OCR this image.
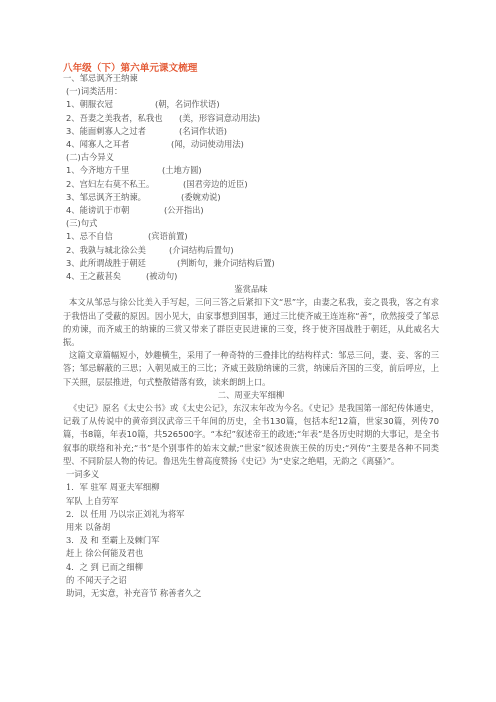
八年级（下）第六单元课文梳理
一、邹忌讽齐王纳谏
(一)词类活用：
1、朝服衣冠	(朝，名词作状语)
2、吾妻之美我者，私我也	(美，形容词意动用法)
3、能面刺寡人之过者	(名词作状语)
4、闻寡人之耳者	(闻，动词使动用法)
(二)古今异义
1、今齐地方千里	(土地方圆)
2、宫妇左右莫不私王。	(国君旁边的近臣)
3、邹忌讽齐王纳谏。	(委婉劝说)
4、能谤讥于市朝	(公开指出)
(三)句式
1、忌不自信	(宾语前置)
2、我孰与城北徐公美	(介词结构后置句)
3、此所谓战胜于朝廷	(判断句，兼介词结构后置)
4、王之蔽甚矣	(被动句)
鉴赏品味
本文从邹忌与徐公比美入手写起，三问三答之后紧扣下文“思”字，由妻之私我，妾之畏我，客之有求于我悟出了受蔽的原因。因小见大，由家事想到国事，通过三比使齐威王连连称“善”，欣然接受了邹忌的劝谏，而齐威王的纳谏的三赏又带来了群臣吏民进谏的三变，终于使齐国战胜于朝廷，从此威名大振。
这篇文章篇幅短小，妙趣横生，采用了一种奇特的三叠排比的结构样式：邹忌三问，妻、妾、客的三答；邹忌解蔽的三思；入朝见威王的三比；齐威王鼓励纳谏的三赏，纳谏后齐国的三变，前后呼应，上下关照，层层推进，句式整散错落有致，读来朗朗上口。
二、周亚夫军细柳
《史记》原名《太史公书》或《太史公记》，东汉末年改为今名。《史记》是我国第一部纪传体通史，记载了从传说中的黄帝到汉武帝三千年间的历史，全书130篇，包括本纪12篇，世家30篇，列传70篇，书8篇，年表10篇，共526500字。“本纪”叙述帝王的政迹;“年表”是各历史时期的大事记，是全书叙事的联络和补充;“书”是个别事件的始末文献;“世家”叙述贵族王侯的历史;“列传”主要是各种不同类型、不同阶层人物的传记。鲁迅先生曾高度赞扬《史记》为“史家之绝唱，无韵之《离骚》”。
一词多义
1．军 驻军 周亚夫军细柳
军队 上自劳军
2．以 任用 乃以宗正刘礼为将军
用来 以备胡
3．及 和 至霸上及棘门军
赶上 徐公何能及君也
4．之 到 已而之细柳
的 不闻天子之诏
助词，无实意，补充音节 称善者久之
